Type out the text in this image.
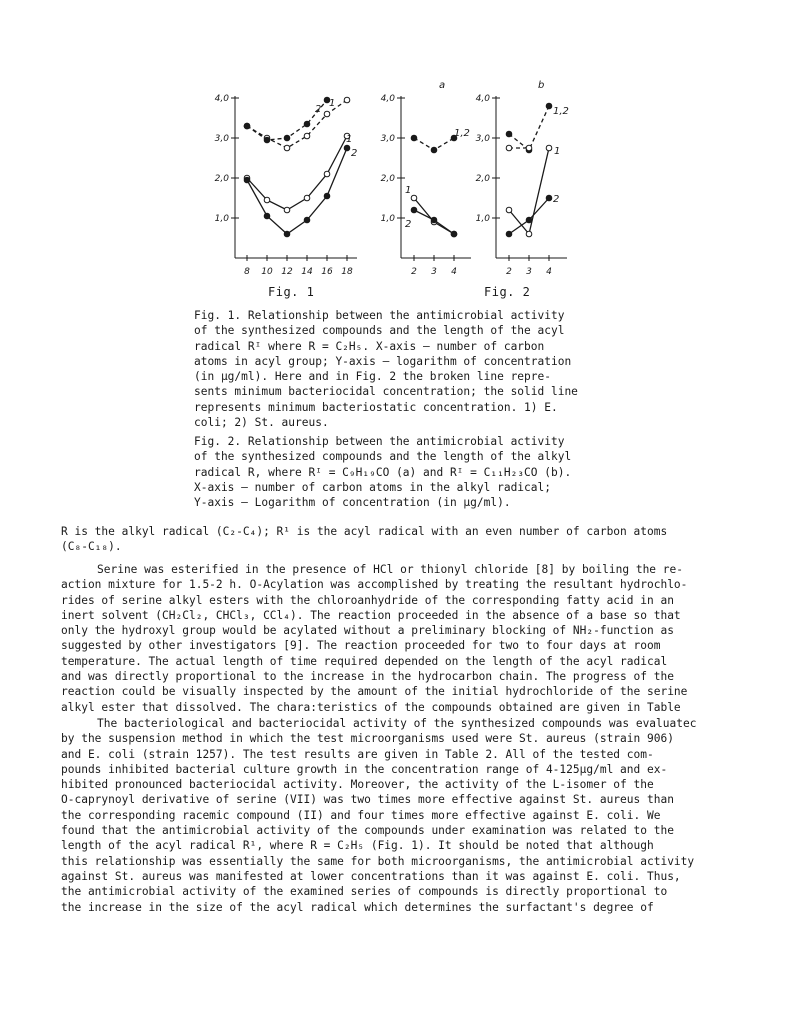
a	b
4,0
3,0
2,0
1,0
8 10 12 14 16 18
4,0
3,0
2,0
1,0
2 3 4
4,0
3,0
2,0
1,0
2 3 4
1
2
1
2
1,2
1
2
1,2
1
2
Fig. 1	Fig. 2

Fig. 1. Relationship between the antimicrobial activity

of the synthesized compounds and the length of the acyl

radical Rᴵ where R = C₂H₅. X-axis — number of carbon

atoms in acyl group; Y-axis — logarithm of concentration

(in μg/ml). Here and in Fig. 2 the broken line repre-

sents minimum bacteriocidal concentration; the solid line

represents minimum bacteriostatic concentration. 1) E.

coli; 2) St. aureus.

Fig. 2. Relationship between the antimicrobial activity

of the synthesized compounds and the length of the alkyl

radical R, where Rᴵ = C₉H₁₉CO (a) and Rᴵ = C₁₁H₂₃CO (b).

X-axis — number of carbon atoms in the alkyl radical;

Y-axis — Logarithm of concentration (in μg/ml).

R is the alkyl radical (C₂-C₄); R¹ is the acyl radical with an even number of carbon atoms

(C₈-C₁₈).

Serine was esterified in the presence of HCl or thionyl chloride [8] by boiling the re-

action mixture for 1.5-2 h. O-Acylation was accomplished by treating the resultant hydrochlo-

rides of serine alkyl esters with the chloroanhydride of the corresponding fatty acid in an

inert solvent (CH₂Cl₂, CHCl₃, CCl₄). The reaction proceeded in the absence of a base so that

only the hydroxyl group would be acylated without a preliminary blocking of NH₂-function as

suggested by other investigators [9]. The reaction proceeded for two to four days at room

temperature. The actual length of time required depended on the length of the acyl radical

and was directly proportional to the increase in the hydrocarbon chain. The progress of the

reaction could be visually inspected by the amount of the initial hydrochloride of the serine

alkyl ester that dissolved. The chara:teristics of the compounds obtained are given in Table

The bacteriological and bacteriocidal activity of the synthesized compounds was evaluatec

by the suspension method in which the test microorganisms used were St. aureus (strain 906)

and E. coli (strain 1257). The test results are given in Table 2. All of the tested com-

pounds inhibited bacterial culture growth in the concentration range of 4-125μg/ml and ex-

hibited pronounced bacteriocidal activity. Moreover, the activity of the L-isomer of the

O-caprynoyl derivative of serine (VII) was two times more effective against St. aureus than

the corresponding racemic compound (II) and four times more effective against E. coli. We

found that the antimicrobial activity of the compounds under examination was related to the

length of the acyl radical R¹, where R = C₂H₅ (Fig. 1). It should be noted that although

this relationship was essentially the same for both microorganisms, the antimicrobial activity

against St. aureus was manifested at lower concentrations than it was against E. coli. Thus,

the antimicrobial activity of the examined series of compounds is directly proportional to

the increase in the size of the acyl radical which determines the surfactant's degree of
